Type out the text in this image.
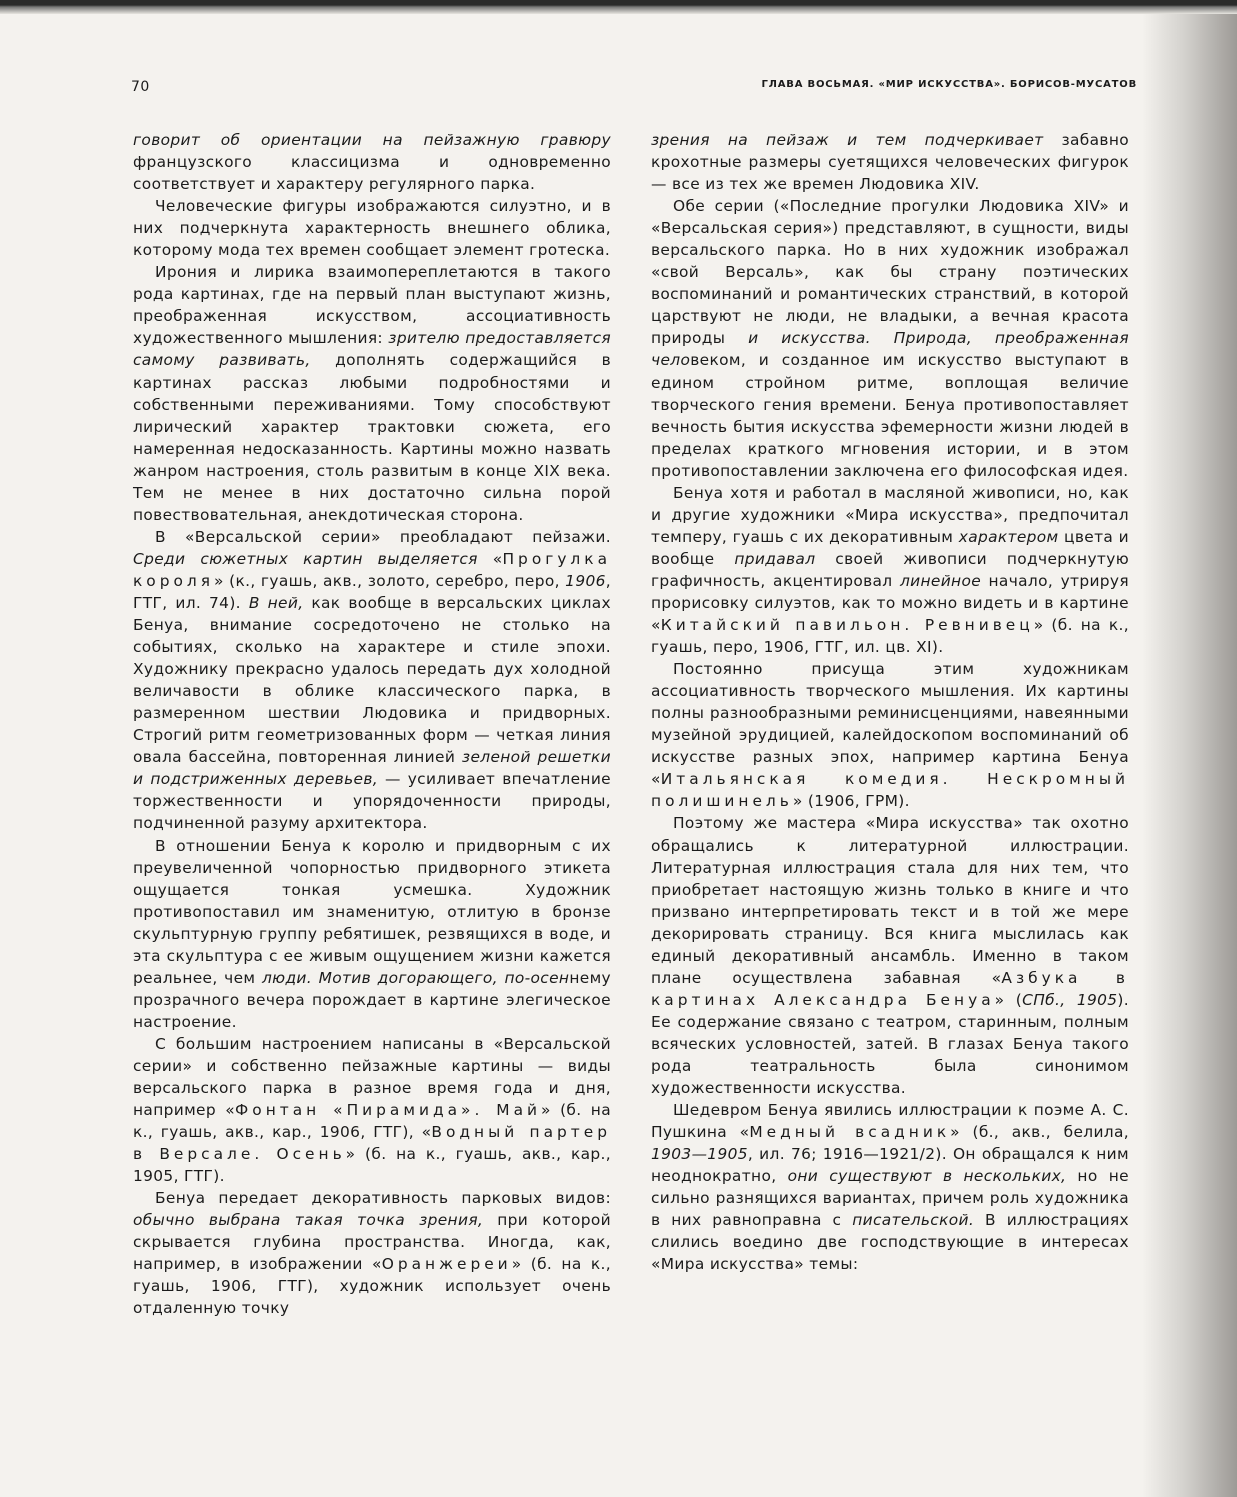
70	ГЛАВА ВОСЬМАЯ. «МИР ИСКУССТВА». БОРИСОВ-МУСАТОВ

говорит об ориентации на пейзажную гравюру французского классицизма и одновременно соответствует и характеру регулярного парка.

Человеческие фигуры изображаются силуэтно, и в них подчеркнута характерность внешнего облика, которому мода тех времен сообщает элемент гротеска.

Ирония и лирика взаимопереплетаются в такого рода картинах, где на первый план выступают жизнь, преображенная искусством, ассоциативность художественного мышления: зрителю предоставляется самому развивать, дополнять содержащийся в картинах рассказ любыми подробностями и собственными переживаниями. Тому способствуют лирический характер трактовки сюжета, его намеренная недосказанность. Картины можно назвать жанром настроения, столь развитым в конце XIX века. Тем не менее в них достаточно сильна порой повествовательная, анекдотическая сторона.

В «Версальской серии» преобладают пейзажи. Среди сюжетных картин выделяется «Прогулка короля» (к., гуашь, акв., золото, серебро, перо, 1906, ГТГ, ил. 74). В ней, как вообще в версальских циклах Бенуа, внимание сосредоточено не столько на событиях, сколько на характере и стиле эпохи. Художнику прекрасно удалось передать дух холодной величавости в облике классического парка, в размеренном шествии Людовика и придворных. Строгий ритм геометризованных форм — четкая линия овала бассейна, повторенная линией зеленой решетки и подстриженных деревьев, — усиливает впечатление торжественности и упорядоченности природы, подчиненной разуму архитектора.

В отношении Бенуа к королю и придворным с их преувеличенной чопорностью придворного этикета ощущается тонкая усмешка. Художник противопоставил им знаменитую, отлитую в бронзе скульптурную группу ребятишек, резвящихся в воде, и эта скульптура с ее живым ощущением жизни кажется реальнее, чем люди. Мотив догорающего, по-осеннему прозрачного вечера порождает в картине элегическое настроение.

С большим настроением написаны в «Версальской серии» и собственно пейзажные картины — виды версальского парка в разное время года и дня, например «Фонтан «Пирамида». Май» (б. на к., гуашь, акв., кар., 1906, ГТГ), «Водный партер в Версале. Осень» (б. на к., гуашь, акв., кар., 1905, ГТГ).

Бенуа передает декоративность парковых видов: обычно выбрана такая точка зрения, при которой скрывается глубина пространства. Иногда, как, например, в изображении «Оранжереи» (б. на к., гуашь, 1906, ГТГ), художник использует очень отдаленную точку

зрения на пейзаж и тем подчеркивает забавно крохотные размеры суетящихся человеческих фигурок — все из тех же времен Людовика XIV.

Обе серии («Последние прогулки Людовика XIV» и «Версальская серия») представляют, в сущности, виды версальского парка. Но в них художник изображал «свой Версаль», как бы страну поэтических воспоминаний и романтических странствий, в которой царствуют не люди, не владыки, а вечная красота природы и искусства. Природа, преображенная человеком, и созданное им искусство выступают в едином стройном ритме, воплощая величие творческого гения времени. Бенуа противопоставляет вечность бытия искусства эфемерности жизни людей в пределах краткого мгновения истории, и в этом противопоставлении заключена его философская идея.

Бенуа хотя и работал в масляной живописи, но, как и другие художники «Мира искусства», предпочитал темперу, гуашь с их декоративным характером цвета и вообще придавал своей живописи подчеркнутую графичность, акцентировал линейное начало, утрируя прорисовку силуэтов, как то можно видеть и в картине «Китайский павильон. Ревнивец» (б. на к., гуашь, перо, 1906, ГТГ, ил. цв. XI).

Постоянно присуща этим художникам ассоциативность творческого мышления. Их картины полны разнообразными реминисценциями, навеянными музейной эрудицией, калейдоскопом воспоминаний об искусстве разных эпох, например картина Бенуа «Итальянская комедия. Нескромный полишинель» (1906, ГРМ).

Поэтому же мастера «Мира искусства» так охотно обращались к литературной иллюстрации. Литературная иллюстрация стала для них тем, что приобретает настоящую жизнь только в книге и что призвано интерпретировать текст и в той же мере декорировать страницу. Вся книга мыслилась как единый декоративный ансамбль. Именно в таком плане осуществлена забавная «Азбука в картинах Александра Бенуа» (СПб., 1905). Ее содержание связано с театром, старинным, полным всяческих условностей, затей. В глазах Бенуа такого рода театральность была синонимом художественности искусства.

Шедевром Бенуа явились иллюстрации к поэме А. С. Пушкина «Медный всадник» (б., акв., белила, 1903—1905, ил. 76; 1916—1921/2). Он обращался к ним неоднократно, они существуют в нескольких, но не сильно разнящихся вариантах, причем роль художника в них равноправна с писательской. В иллюстрациях слились воедино две господствующие в интересах «Мира искусства» темы:
